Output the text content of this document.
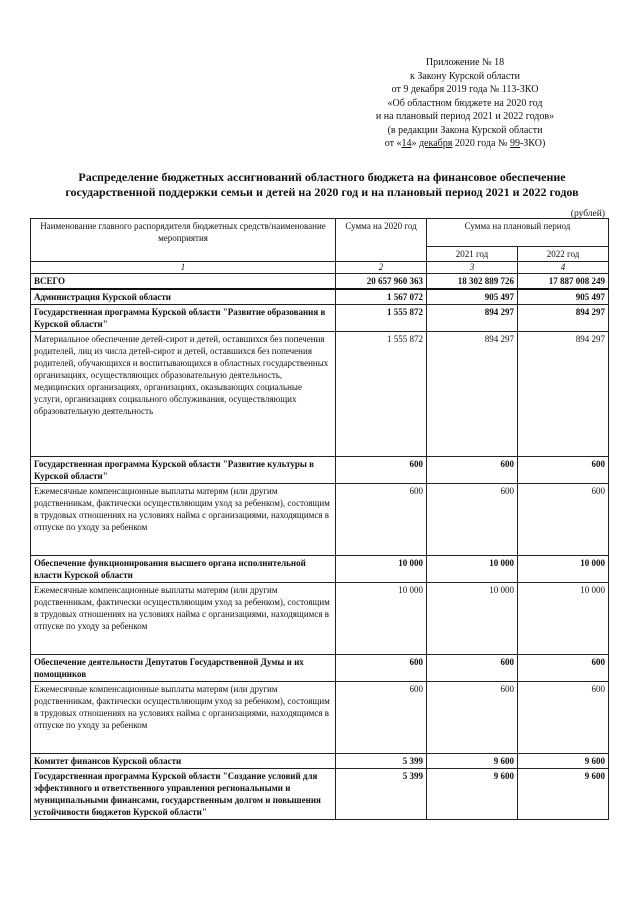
Приложение № 18
к Закону Курской области
от 9 декабря 2019 года № 113-ЗКО
«Об областном бюджете на 2020 год
и на плановый период 2021 и 2022 годов»
(в редакции Закона Курской области
от «14» декабря 2020 года № 99-ЗКО)
Распределение бюджетных ассигнований областного бюджета на финансовое обеспечение
государственной поддержки семьи и детей на 2020 год и на плановый период 2021 и 2022 годов
(рублей)
Наименование главного распорядителя бюджетных средств/наименование мероприятия	Сумма на 2020 год	Сумма на плановый период	
		2021 год	2022 год
1	2	3	4
ВСЕГО	20 657 960 363	18 302 889 726	17 887 008 249
Администрация Курской области	1 567 072	905 497	905 497
Государственная программа Курской области "Развитие образования в Курской области"	1 555 872	894 297	894 297
Материальное обеспечение детей-сирот и детей, оставшихся без попечения родителей, лиц из числа детей-сирот и детей, оставшихся без попечения родителей, обучающихся и воспитывающихся в областных государственных организациях, осуществляющих образовательную деятельность, медицинских организациях, организациях, оказывающих социальные услуги, организациях социального обслуживания, осуществляющих образовательную деятельность	1 555 872	894 297	894 297
Государственная программа Курской области "Развитие культуры в Курской области"	600	600	600
Ежемесячные компенсационные выплаты матерям (или другим родственникам, фактически осуществляющим уход за ребенком), состоящим в трудовых отношениях на условиях найма с организациями, находящимся в отпуске по уходу за ребенком	600	600	600
Обеспечение функционирования высшего органа исполнительной власти Курской области	10 000	10 000	10 000
Ежемесячные компенсационные выплаты матерям (или другим родственникам, фактически осуществляющим уход за ребенком), состоящим в трудовых отношениях на условиях найма с организациями, находящимся в отпуске по уходу за ребенком	10 000	10 000	10 000
Обеспечение деятельности Депутатов Государственной Думы и их помощников	600	600	600
Ежемесячные компенсационные выплаты матерям (или другим родственникам, фактически осуществляющим уход за ребенком), состоящим в трудовых отношениях на условиях найма с организациями, находящимся в отпуске по уходу за ребенком	600	600	600
Комитет финансов Курской области	5 399	9 600	9 600
Государственная программа Курской области "Создание условий для эффективного и ответственного управления региональными и муниципальными финансами, государственным долгом и повышения устойчивости бюджетов Курской области"	5 399	9 600	9 600
